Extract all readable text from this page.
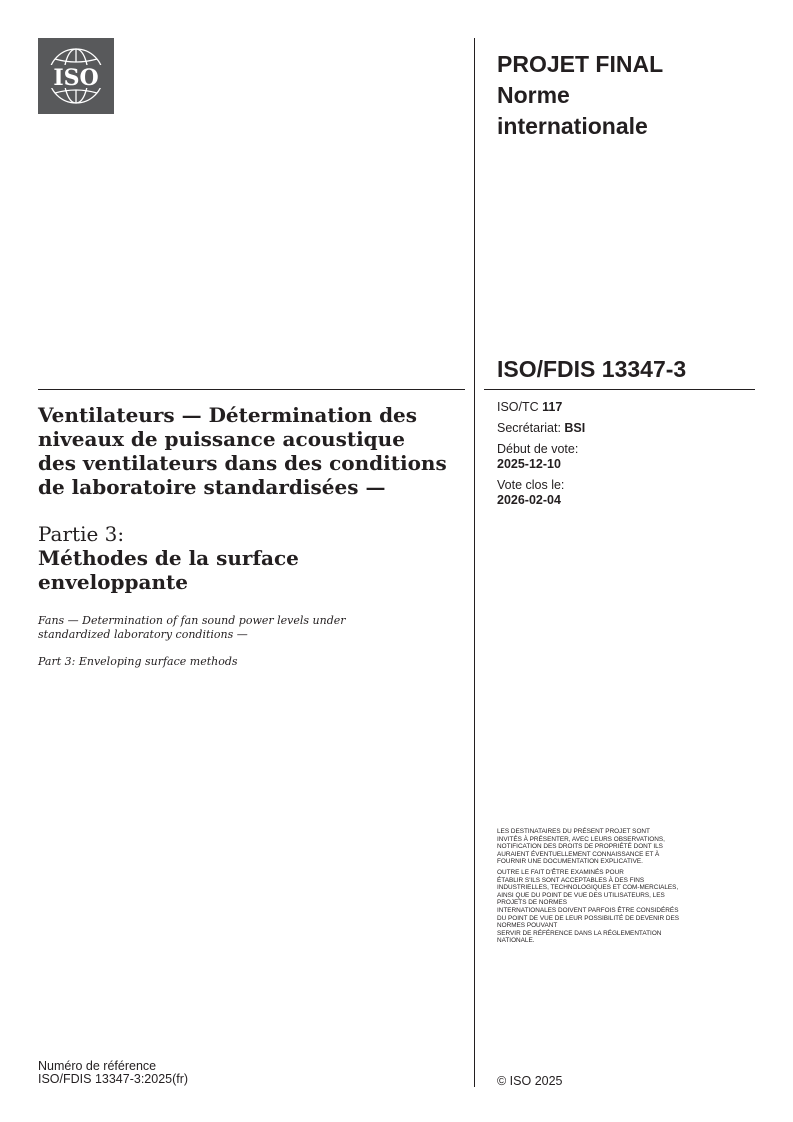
ISO
PROJET FINAL
Norme
internationale
ISO/FDIS 13347-3
ISO/TC 117
Secrétariat: BSI
Début de vote:
2025-12-10
Vote clos le:
2026-02-04
Ventilateurs — Détermination des
niveaux de puissance acoustique
des ventilateurs dans des conditions
de laboratoire standardisées —
Partie 3:
Méthodes de la surface
enveloppante
Fans — Determination of fan sound power levels under
standardized laboratory conditions —
Part 3: Enveloping surface methods

LES DESTINATAIRES DU PRÉSENT PROJET SONT
INVITÉS À PRÉSENTER, AVEC LEURS OBSERVATIONS,
NOTIFICATION DES DROITS DE PROPRIÉTÉ DONT ILS
AURAIENT ÉVENTUELLEMENT CONNAISSANCE ET À
FOURNIR UNE DOCUMENTATION EXPLICATIVE.

OUTRE LE FAIT D'ÊTRE EXAMINÉS POUR
ÉTABLIR S'ILS SONT ACCEPTABLES À DES FINS
INDUSTRIELLES, TECHNOLOGIQUES ET COM-MERCIALES,
AINSI QUE DU POINT DE VUE DES UTILISATEURS, LES
PROJETS DE NORMES
INTERNATIONALES DOIVENT PARFOIS ÊTRE CONSIDÉRÉS
DU POINT DE VUE DE LEUR POSSIBILITÉ DE DEVENIR DES
NORMES POUVANT
SERVIR DE RÉFÉRENCE DANS LA RÉGLEMENTATION
NATIONALE.

Numéro de référence
ISO/FDIS 13347-3:2025(fr)	© ISO 2025
